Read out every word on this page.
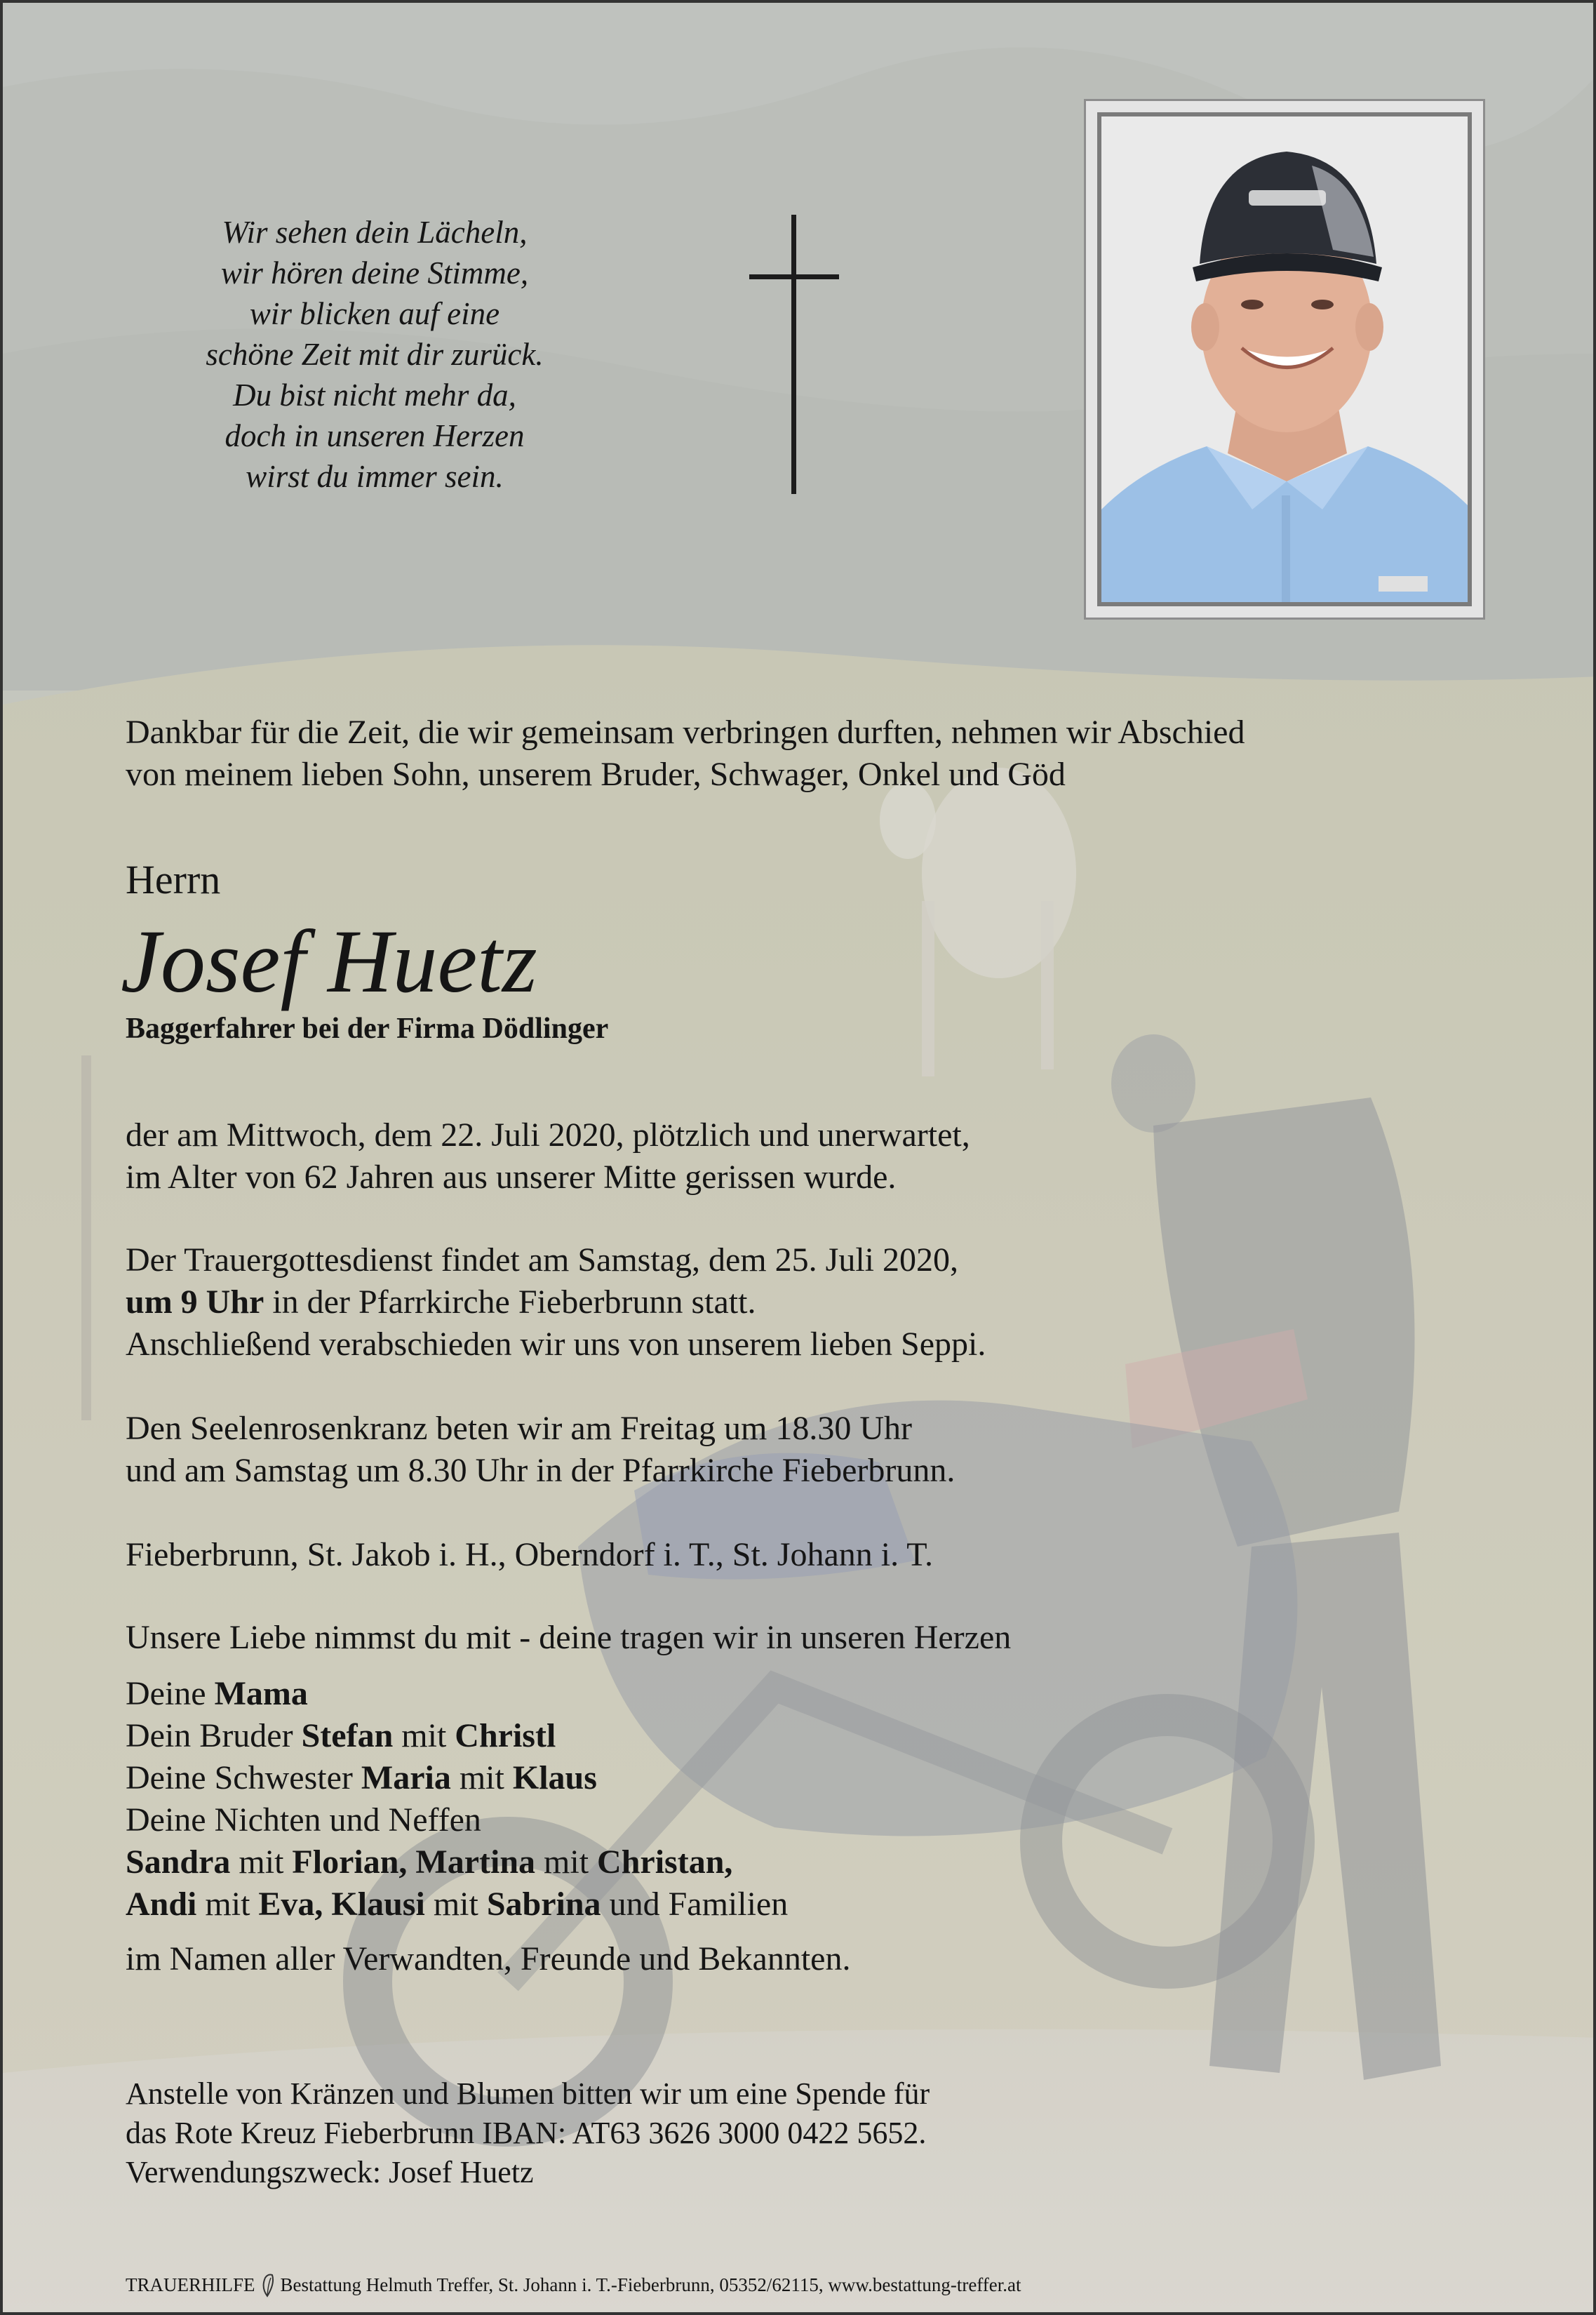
Wir sehen dein Lächeln,
wir hören deine Stimme,
wir blicken auf eine
schöne Zeit mit dir zurück.
Du bist nicht mehr da,
doch in unseren Herzen
wirst du immer sein.
Dankbar für die Zeit, die wir gemeinsam verbringen durften, nehmen wir Abschied
von meinem lieben Sohn, unserem Bruder, Schwager, Onkel und Göd
Herrn
Josef Huetz
Baggerfahrer bei der Firma Dödlinger
der am Mittwoch, dem 22. Juli 2020, plötzlich und unerwartet,
im Alter von 62 Jahren aus unserer Mitte gerissen wurde.
Der Trauergottesdienst findet am Samstag, dem 25. Juli 2020,
um 9 Uhr in der Pfarrkirche Fieberbrunn statt.
Anschließend verabschieden wir uns von unserem lieben Seppi.
Den Seelenrosenkranz beten wir am Freitag um 18.30 Uhr
und am Samstag um 8.30 Uhr in der Pfarrkirche Fieberbrunn.
Fieberbrunn, St. Jakob i. H., Oberndorf i. T., St. Johann i. T.
Unsere Liebe nimmst du mit - deine tragen wir in unseren Herzen
Deine Mama
Dein Bruder Stefan mit Christl
Deine Schwester Maria mit Klaus
Deine Nichten und Neffen
Sandra mit Florian, Martina mit Christan,
Andi mit Eva, Klausi mit Sabrina und Familien
im Namen aller Verwandten, Freunde und Bekannten.
Anstelle von Kränzen und Blumen bitten wir um eine Spende für
das Rote Kreuz Fieberbrunn IBAN: AT63 3626 3000 0422 5652.
Verwendungszweck: Josef Huetz
TRAUERHILFE Bestattung Helmuth Treffer, St. Johann i. T.-Fieberbrunn, 05352/62115, www.bestattung-treffer.at
